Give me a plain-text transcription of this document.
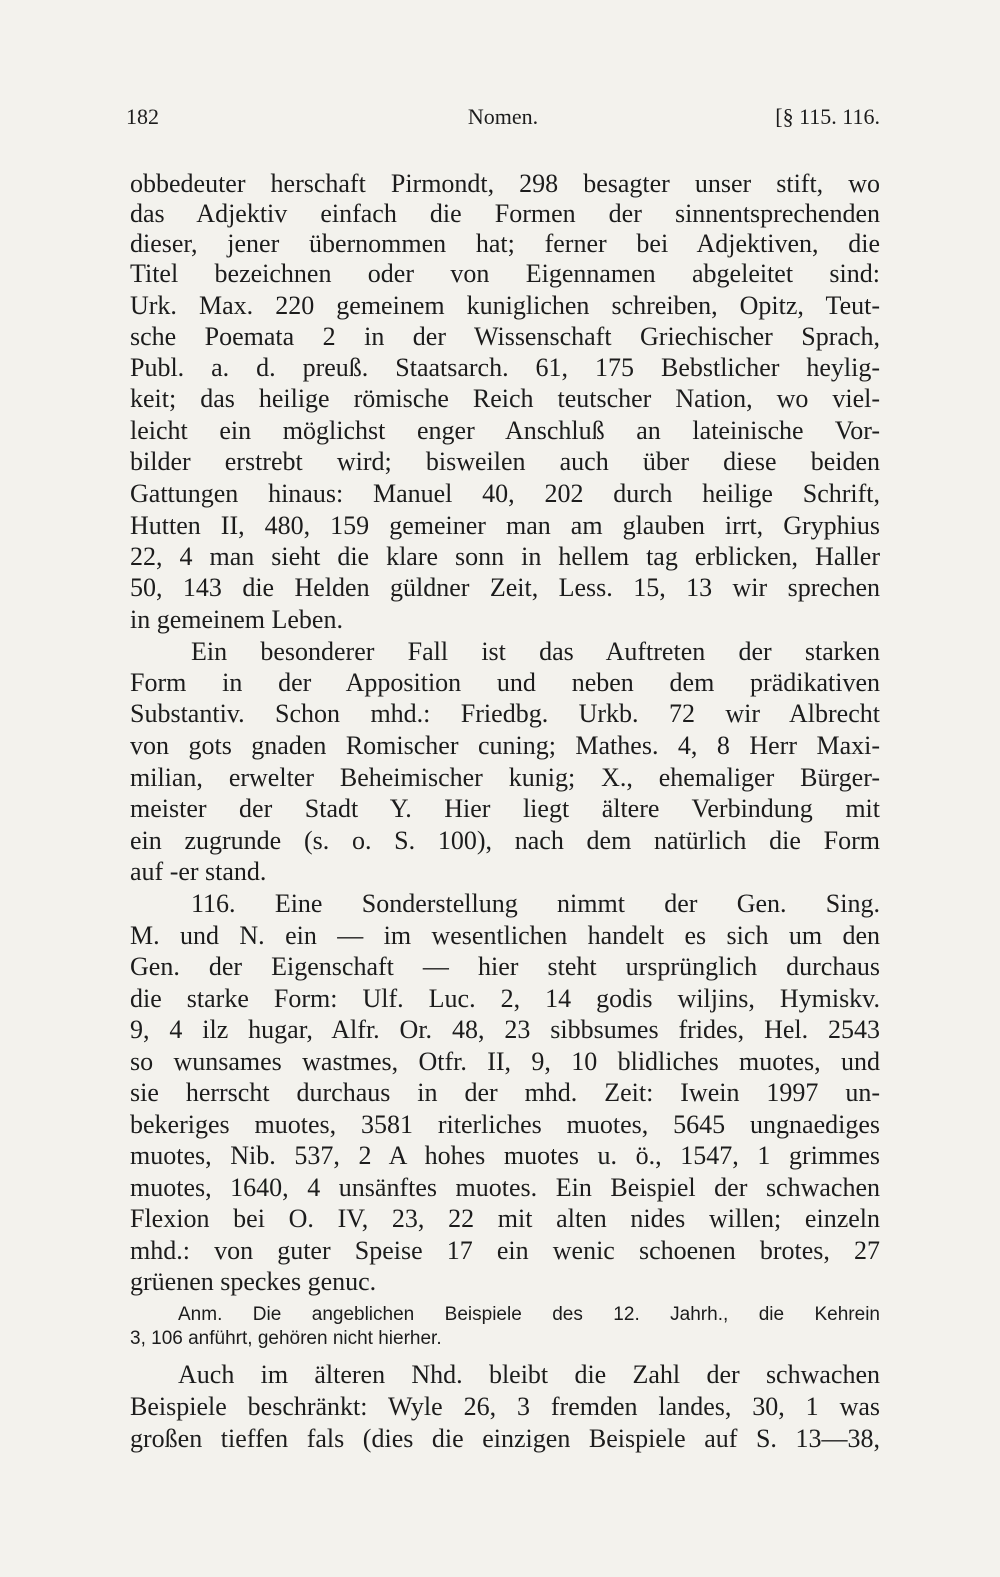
182	Nomen.	[§ 115. 116.
obbedeuter herschaft Pirmondt, 298 besagter unser stift, wo
das Adjektiv einfach die Formen der sinnentsprechenden
dieser, jener übernommen hat; ferner bei Adjektiven, die
Titel bezeichnen oder von Eigennamen abgeleitet sind:
Urk. Max. 220 gemeinem kuniglichen schreiben, Opitz, Teut-
sche Poemata 2 in der Wissenschaft Griechischer Sprach,
Publ. a. d. preuß. Staatsarch. 61, 175 Bebstlicher heylig-
keit; das heilige römische Reich teutscher Nation, wo viel-
leicht ein möglichst enger Anschluß an lateinische Vor-
bilder erstrebt wird; bisweilen auch über diese beiden
Gattungen hinaus: Manuel 40, 202 durch heilige Schrift,
Hutten II, 480, 159 gemeiner man am glauben irrt, Gryphius
22, 4 man sieht die klare sonn in hellem tag erblicken, Haller
50, 143 die Helden güldner Zeit, Less. 15, 13 wir sprechen
in gemeinem Leben.
Ein besonderer Fall ist das Auftreten der starken
Form in der Apposition und neben dem prädikativen
Substantiv. Schon mhd.: Friedbg. Urkb. 72 wir Albrecht
von gots gnaden Romischer cuning; Mathes. 4, 8 Herr Maxi-
milian, erwelter Beheimischer kunig; X., ehemaliger Bürger-
meister der Stadt Y. Hier liegt ältere Verbindung mit
ein zugrunde (s. o. S. 100), nach dem natürlich die Form
auf -er stand.
116. Eine Sonderstellung nimmt der Gen. Sing.
M. und N. ein — im wesentlichen handelt es sich um den
Gen. der Eigenschaft — hier steht ursprünglich durchaus
die starke Form: Ulf. Luc. 2, 14 godis wiljins, Hymiskv.
9, 4 ilz hugar, Alfr. Or. 48, 23 sibbsumes frides, Hel. 2543
so wunsames wastmes, Otfr. II, 9, 10 blidliches muotes, und
sie herrscht durchaus in der mhd. Zeit: Iwein 1997 un-
bekeriges muotes, 3581 riterliches muotes, 5645 ungnaediges
muotes, Nib. 537, 2 A hohes muotes u. ö., 1547, 1 grimmes
muotes, 1640, 4 unsänftes muotes. Ein Beispiel der schwachen
Flexion bei O. IV, 23, 22 mit alten nides willen; einzeln
mhd.: von guter Speise 17 ein wenic schoenen brotes, 27
grüenen speckes genuc.
Anm. Die angeblichen Beispiele des 12. Jahrh., die Kehrein
3, 106 anführt, gehören nicht hierher.
Auch im älteren Nhd. bleibt die Zahl der schwachen
Beispiele beschränkt: Wyle 26, 3 fremden landes, 30, 1 was
großen tieffen fals (dies die einzigen Beispiele auf S. 13—38,
